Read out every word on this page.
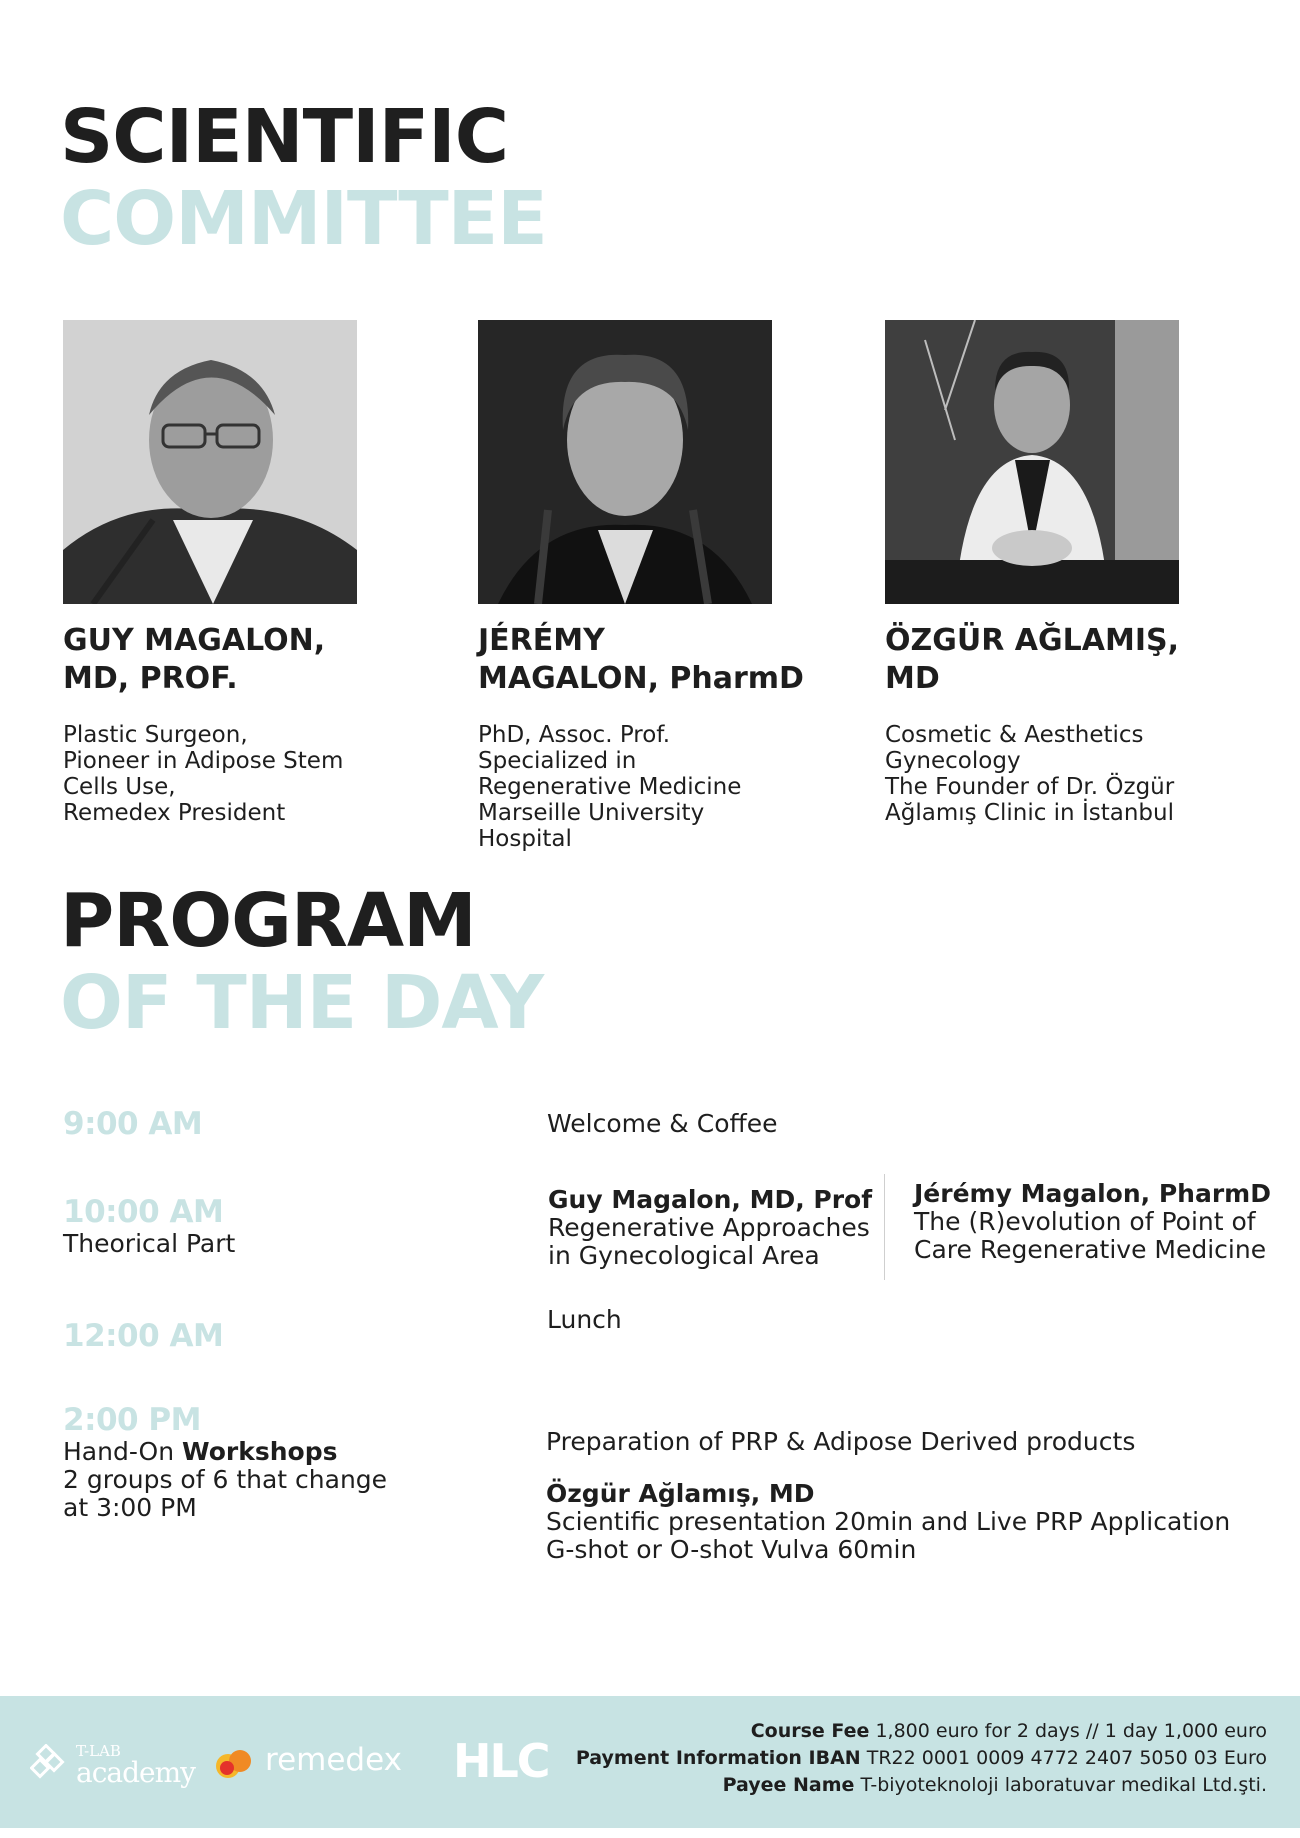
SCIENTIFIC
COMMITTEE
GUY MAGALON,
MD, PROF.
Plastic Surgeon,
Pioneer in Adipose Stem
Cells Use,
Remedex President
JÉRÉMY
MAGALON, PharmD
PhD, Assoc. Prof.
Specialized in
Regenerative Medicine
Marseille University
Hospital
ÖZGÜR AĞLAMIŞ,
MD
Cosmetic & Aesthetics
Gynecology
The Founder of Dr. Özgür
Ağlamış Clinic in İstanbul
PROGRAM
OF THE DAY
9:00 AM	Welcome & Coffee
10:00 AM
Theorical Part
Guy Magalon, MD, Prof
Regenerative Approaches
in Gynecological Area
Jérémy Magalon, PharmD
The (R)evolution of Point of
Care Regenerative Medicine
12:00 AM	Lunch
2:00 PM
Hand-On Workshops
2 groups of 6 that change
at 3:00 PM
Preparation of PRP & Adipose Derived products
Özgür Ağlamış, MD
Scientific presentation 20min and Live PRP Application
G-shot or O-shot Vulva 60min
T-LAB
academy remedex HLC
Course Fee 1,800 euro for 2 days // 1 day 1,000 euro
Payment Information IBAN TR22 0001 0009 4772 2407 5050 03 Euro
Payee Name T-biyoteknoloji laboratuvar medikal Ltd.şti.
